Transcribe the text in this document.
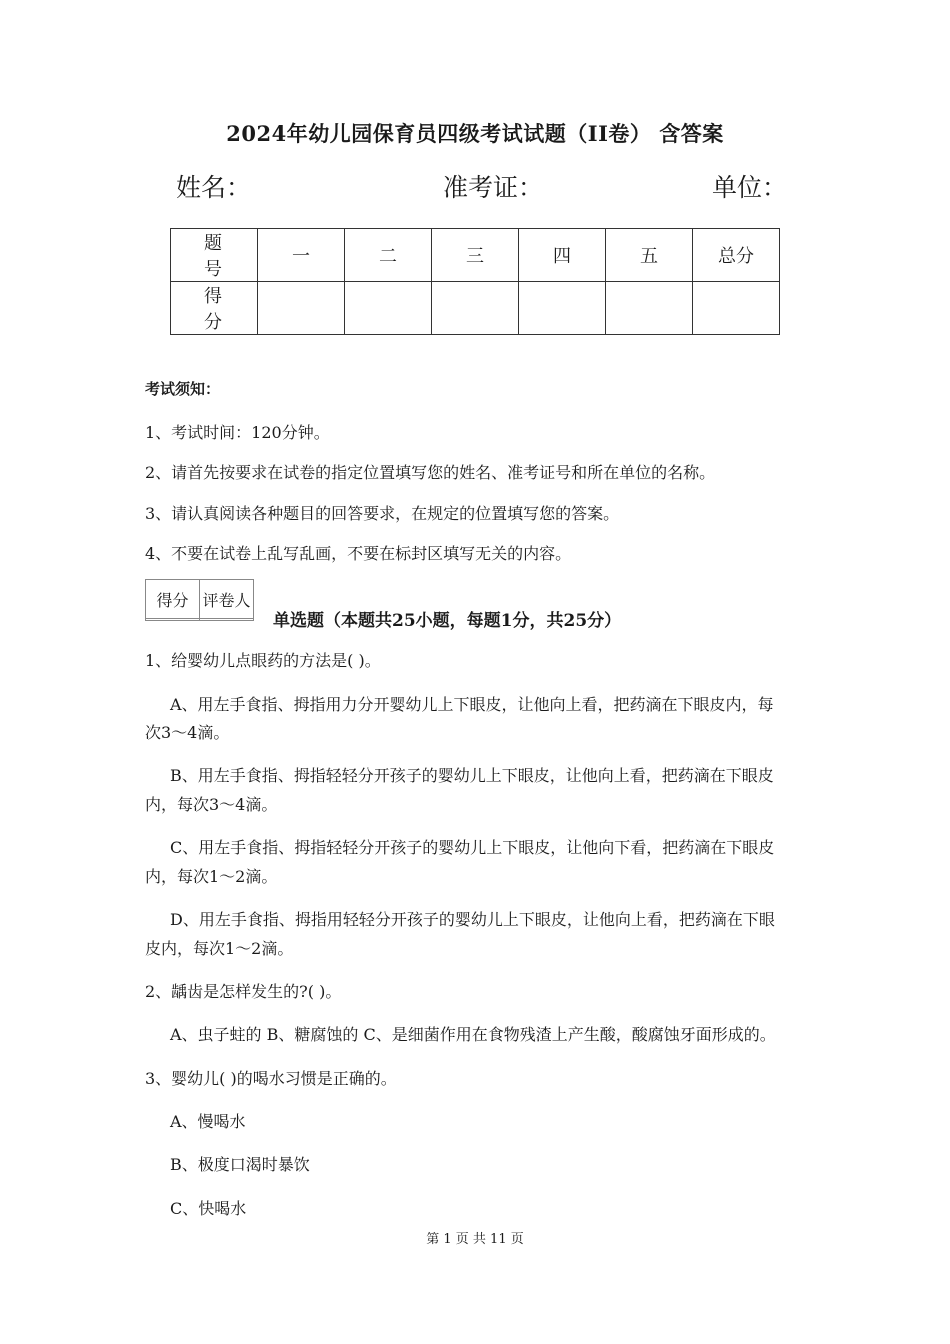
2024年幼儿园保育员四级考试试题（II卷） 含答案
姓名：	准考证：	单位：
题　号	一	二	三	四	五	总分
得　分						
考试须知：
1、考试时间：120分钟。
2、请首先按要求在试卷的指定位置填写您的姓名、准考证号和所在单位的名称。
3、请认真阅读各种题目的回答要求，在规定的位置填写您的答案。
4、不要在试卷上乱写乱画，不要在标封区填写无关的内容。
得分	评卷人

单选题（本题共25小题，每题1分，共25分）
1、给婴幼儿点眼药的方法是( )。
A、用左手食指、拇指用力分开婴幼儿上下眼皮，让他向上看，把药滴在下眼皮内，每
次3～4滴。
B、用左手食指、拇指轻轻分开孩子的婴幼儿上下眼皮，让他向上看，把药滴在下眼皮
内，每次3～4滴。
C、用左手食指、拇指轻轻分开孩子的婴幼儿上下眼皮，让他向下看，把药滴在下眼皮
内，每次1～2滴。
D、用左手食指、拇指用轻轻分开孩子的婴幼儿上下眼皮，让他向上看，把药滴在下眼
皮内，每次1～2滴。
2、龋齿是怎样发生的?( )。
A、虫子蛀的 B、糖腐蚀的 C、是细菌作用在食物残渣上产生酸，酸腐蚀牙面形成的。
3、婴幼儿( )的喝水习惯是正确的。
A、慢喝水
B、极度口渴时暴饮
C、快喝水
第 1 页 共 11 页
